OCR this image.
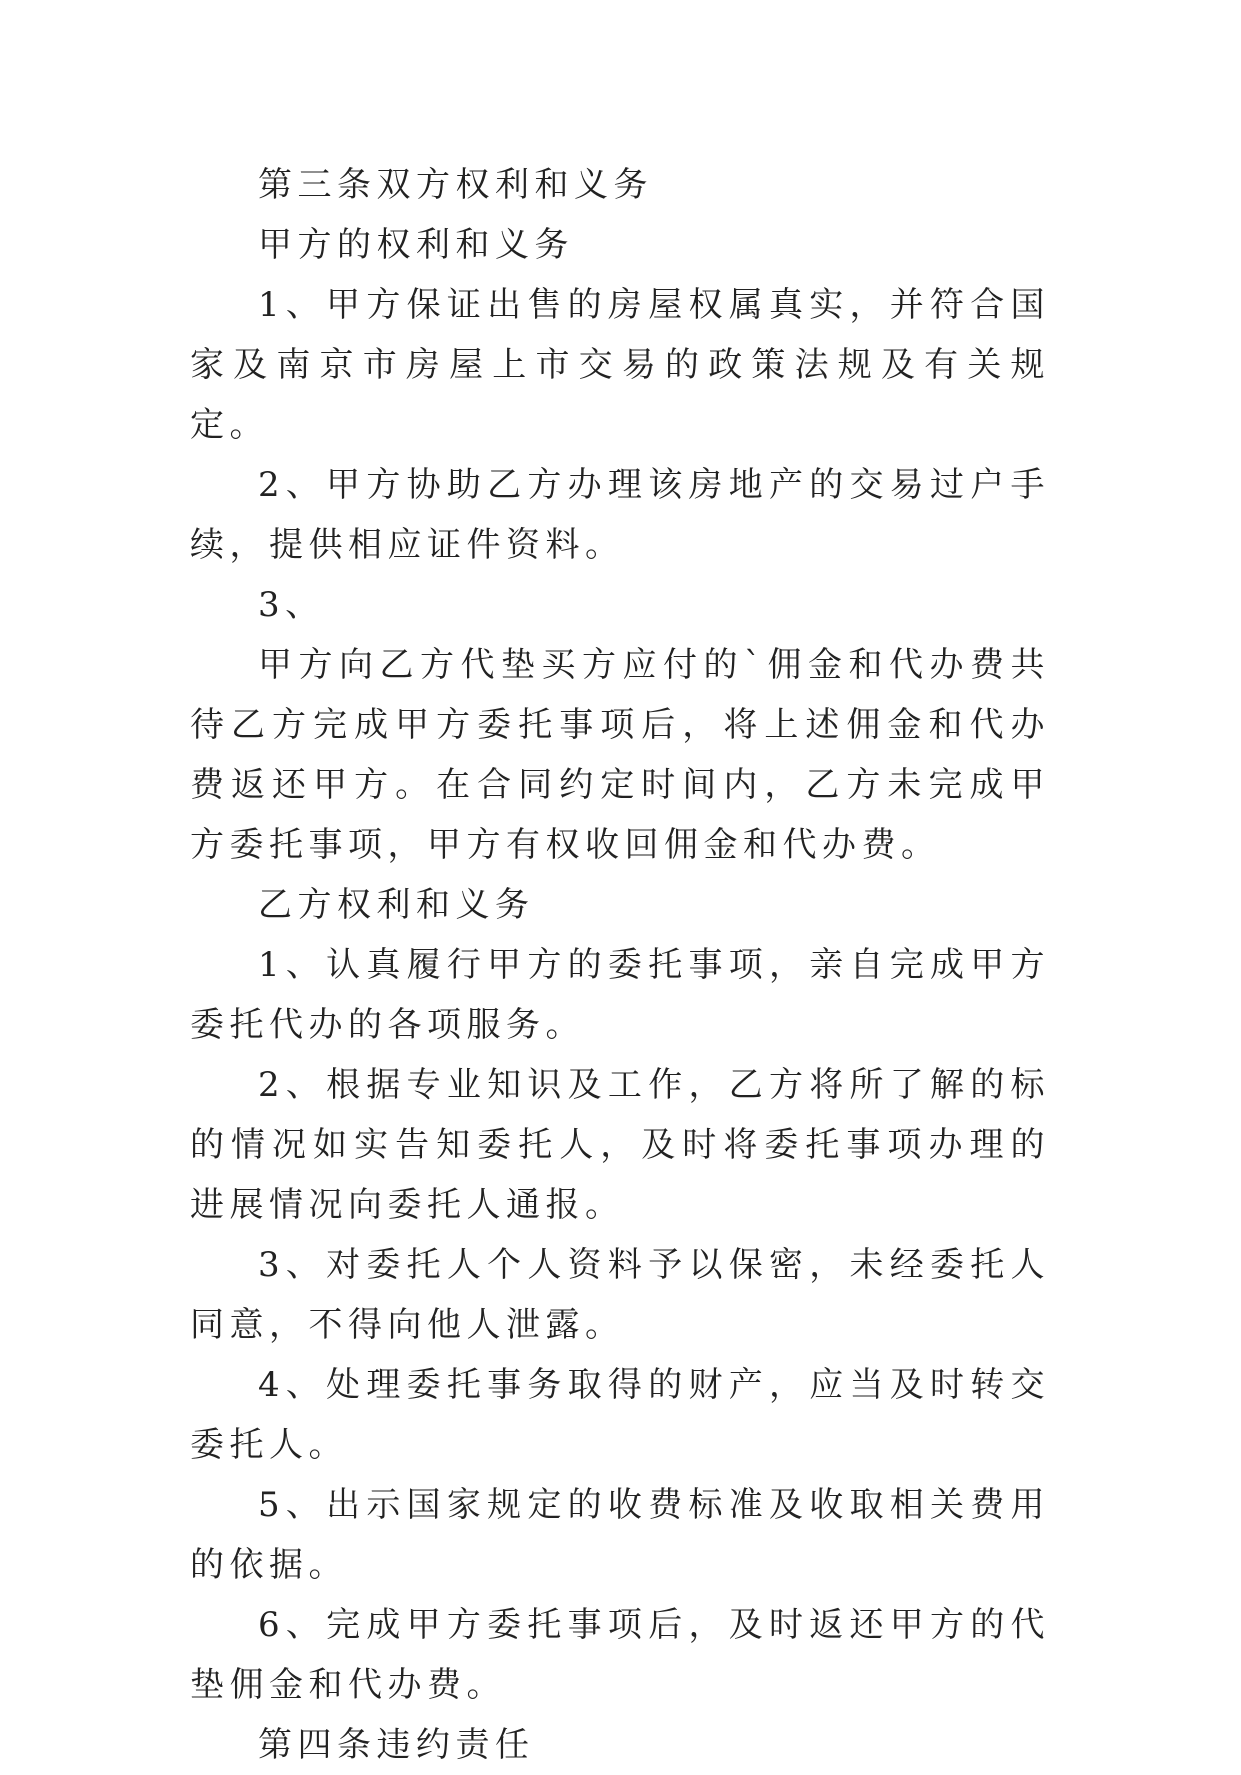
第三条双方权利和义务

甲方的权利和义务

1、甲方保证出售的房屋权属真实，并符合国家及南京市房屋上市交易的政策法规及有关规定。

2、甲方协助乙方办理该房地产的交易过户手续，提供相应证件资料。

3、

甲方向乙方代垫买方应付的`佣金和代办费共待乙方完成甲方委托事项后，将上述佣金和代办费返还甲方。在合同约定时间内，乙方未完成甲方委托事项，甲方有权收回佣金和代办费。

乙方权利和义务

1、认真履行甲方的委托事项，亲自完成甲方委托代办的各项服务。

2、根据专业知识及工作，乙方将所了解的标的情况如实告知委托人，及时将委托事项办理的进展情况向委托人通报。

3、对委托人个人资料予以保密，未经委托人同意，不得向他人泄露。

4、处理委托事务取得的财产，应当及时转交委托人。

5、出示国家规定的收费标准及收取相关费用的依据。

6、完成甲方委托事项后，及时返还甲方的代垫佣金和代办费。

第四条违约责任
